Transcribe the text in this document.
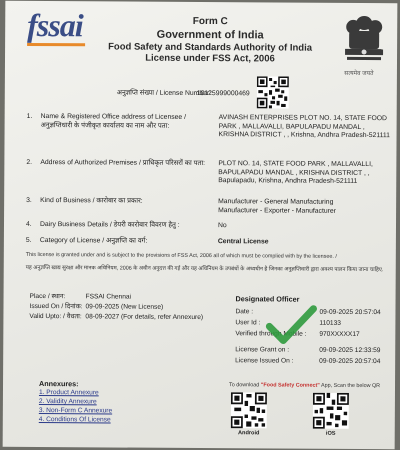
fssai	Form C
Government of India
Food Safety and Standards Authority of India
License under FSS Act, 2006
सत्यमेव जयते
अनुज्ञप्ति संख्या / License Number:
10125999000469
1.	Name & Registered Office address of Licensee / अनुज्ञप्तिधारी के पंजीकृत कार्यालय का नाम और पता:
AVINASH ENTERPRISES PLOT NO. 14, STATE FOOD PARK , MALLAVALLI, BAPULAPADU MANDAL , KRISHNA DISTRICT , , Krishna, Andhra Pradesh-521111
2.	Address of Authorized Premises / प्राधिकृत परिसरों का पता: PLOT NO. 14, STATE FOOD PARK , MALLAVALLI, BAPULAPADU MANDAL , KRISHNA DISTRICT , , Bapulapadu, Krishna, Andhra Pradesh-521111
3.	Kind of Business / कारोबार का प्रकार:	Manufacturer - General Manufacturing Manufacturer - Exporter - Manufacturer
4.	Dairy Business Details / डेयरी कारोबार विवरण हेतु :	No
5.	Category of License / अनुज्ञप्ति का वर्ग:	Central License
This license is granted under and is subject to the provisions of FSS Act, 2006 all of which must be complied with by the licensee. /
यह अनुज्ञप्ति खाद्य सुरक्षा और मानक अधिनियम, 2006 के अधीन अनुदत्त की गई और यह अधिनियम के उपबंधों के अध्यधीन है जिनका अनुज्ञप्तिधारी द्वारा अवश्य पालन किया जाना चाहिए.
Place / स्थान:	FSSAI Chennai
Issued On / दिनांक: 09-09-2025 (New License)
Valid Upto: / वैधता: 08-09-2027 (For details, refer Annexure)
Designated Officer
Date :	09-09-2025 20:57:04
User Id :	110133
Verified through Mobile : 970XXXXX17
License Grant on :	09-09-2025 12:33:59
License Issued On :	09-09-2025 20:57:04
Annexures:
1. Product Annexure
2. Validity Annexure
3. Non-Form C Annexure
4. Conditions Of License
To download "Food Safety Connect" App, Scan the below QR
Android	iOS
